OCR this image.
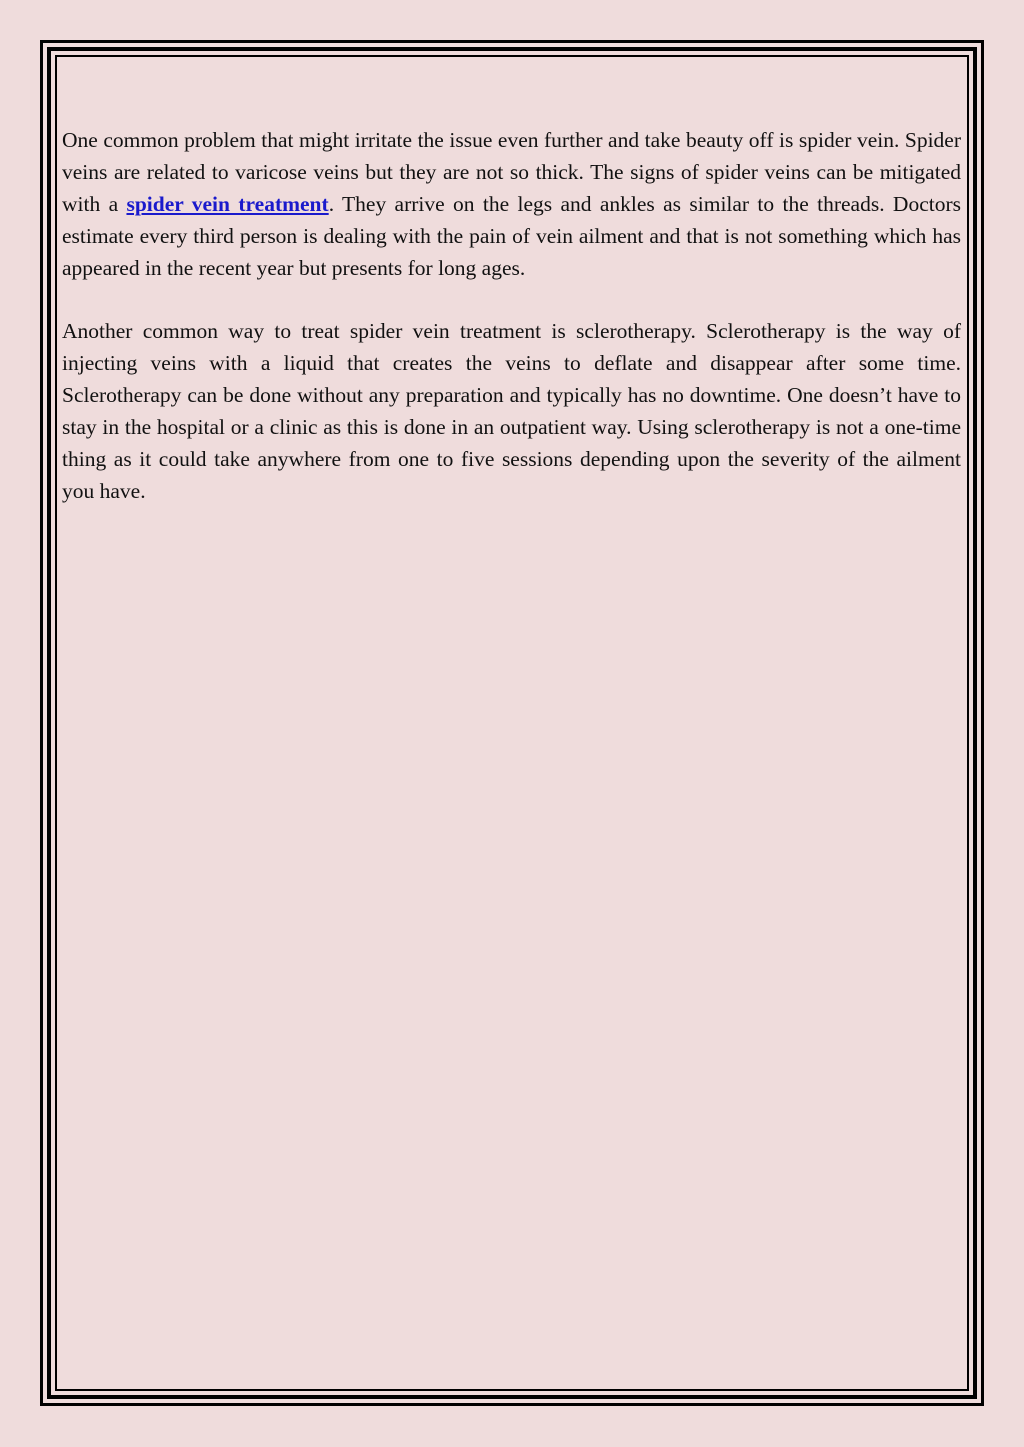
One common problem that might irritate the issue even further and take beauty off is spider vein. Spider veins are related to varicose veins but they are not so thick. The signs of spider veins can be mitigated with a spider vein treatment. They arrive on the legs and ankles as similar to the threads. Doctors estimate every third person is dealing with the pain of vein ailment and that is not something which has appeared in the recent year but presents for long ages.

Another common way to treat spider vein treatment is sclerotherapy. Sclerotherapy is the way of injecting veins with a liquid that creates the veins to deflate and disappear after some time. Sclerotherapy can be done without any preparation and typically has no downtime. One doesn’t have to stay in the hospital or a clinic as this is done in an outpatient way. Using sclerotherapy is not a one-time thing as it could take anywhere from one to five sessions depending upon the severity of the ailment you have.
